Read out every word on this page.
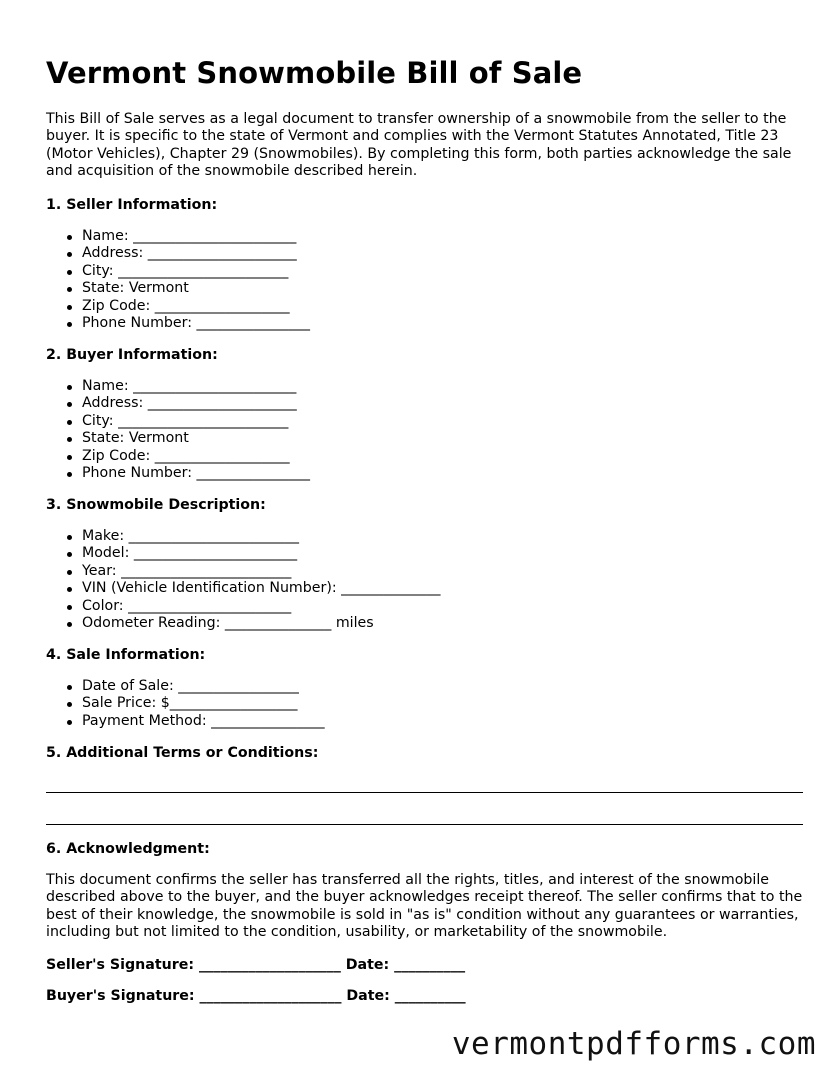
Vermont Snowmobile Bill of Sale

This Bill of Sale serves as a legal document to transfer ownership of a snowmobile from the seller to the buyer. It is specific to the state of Vermont and complies with the Vermont Statutes Annotated, Title 23 (Motor Vehicles), Chapter 29 (Snowmobiles). By completing this form, both parties acknowledge the sale and acquisition of the snowmobile described herein.

1. Seller Information:

Name: _______________________
Address: _____________________
City: ________________________
State: Vermont
Zip Code: ___________________
Phone Number: ________________

2. Buyer Information:

Name: _______________________
Address: _____________________
City: ________________________
State: Vermont
Zip Code: ___________________
Phone Number: ________________

3. Snowmobile Description:

Make: ________________________
Model: _______________________
Year: ________________________
VIN (Vehicle Identification Number): ______________
Color: _______________________
Odometer Reading: _______________ miles

4. Sale Information:

Date of Sale: _________________
Sale Price: $__________________
Payment Method: ________________

5. Additional Terms or Conditions:

6. Acknowledgment:

This document confirms the seller has transferred all the rights, titles, and interest of the snowmobile described above to the buyer, and the buyer acknowledges receipt thereof. The seller confirms that to the best of their knowledge, the snowmobile is sold in "as is" condition without any guarantees or warranties, including but not limited to the condition, usability, or marketability of the snowmobile.

Seller's Signature: ____________________ Date: __________

Buyer's Signature: ____________________ Date: __________

vermontpdfforms.com
